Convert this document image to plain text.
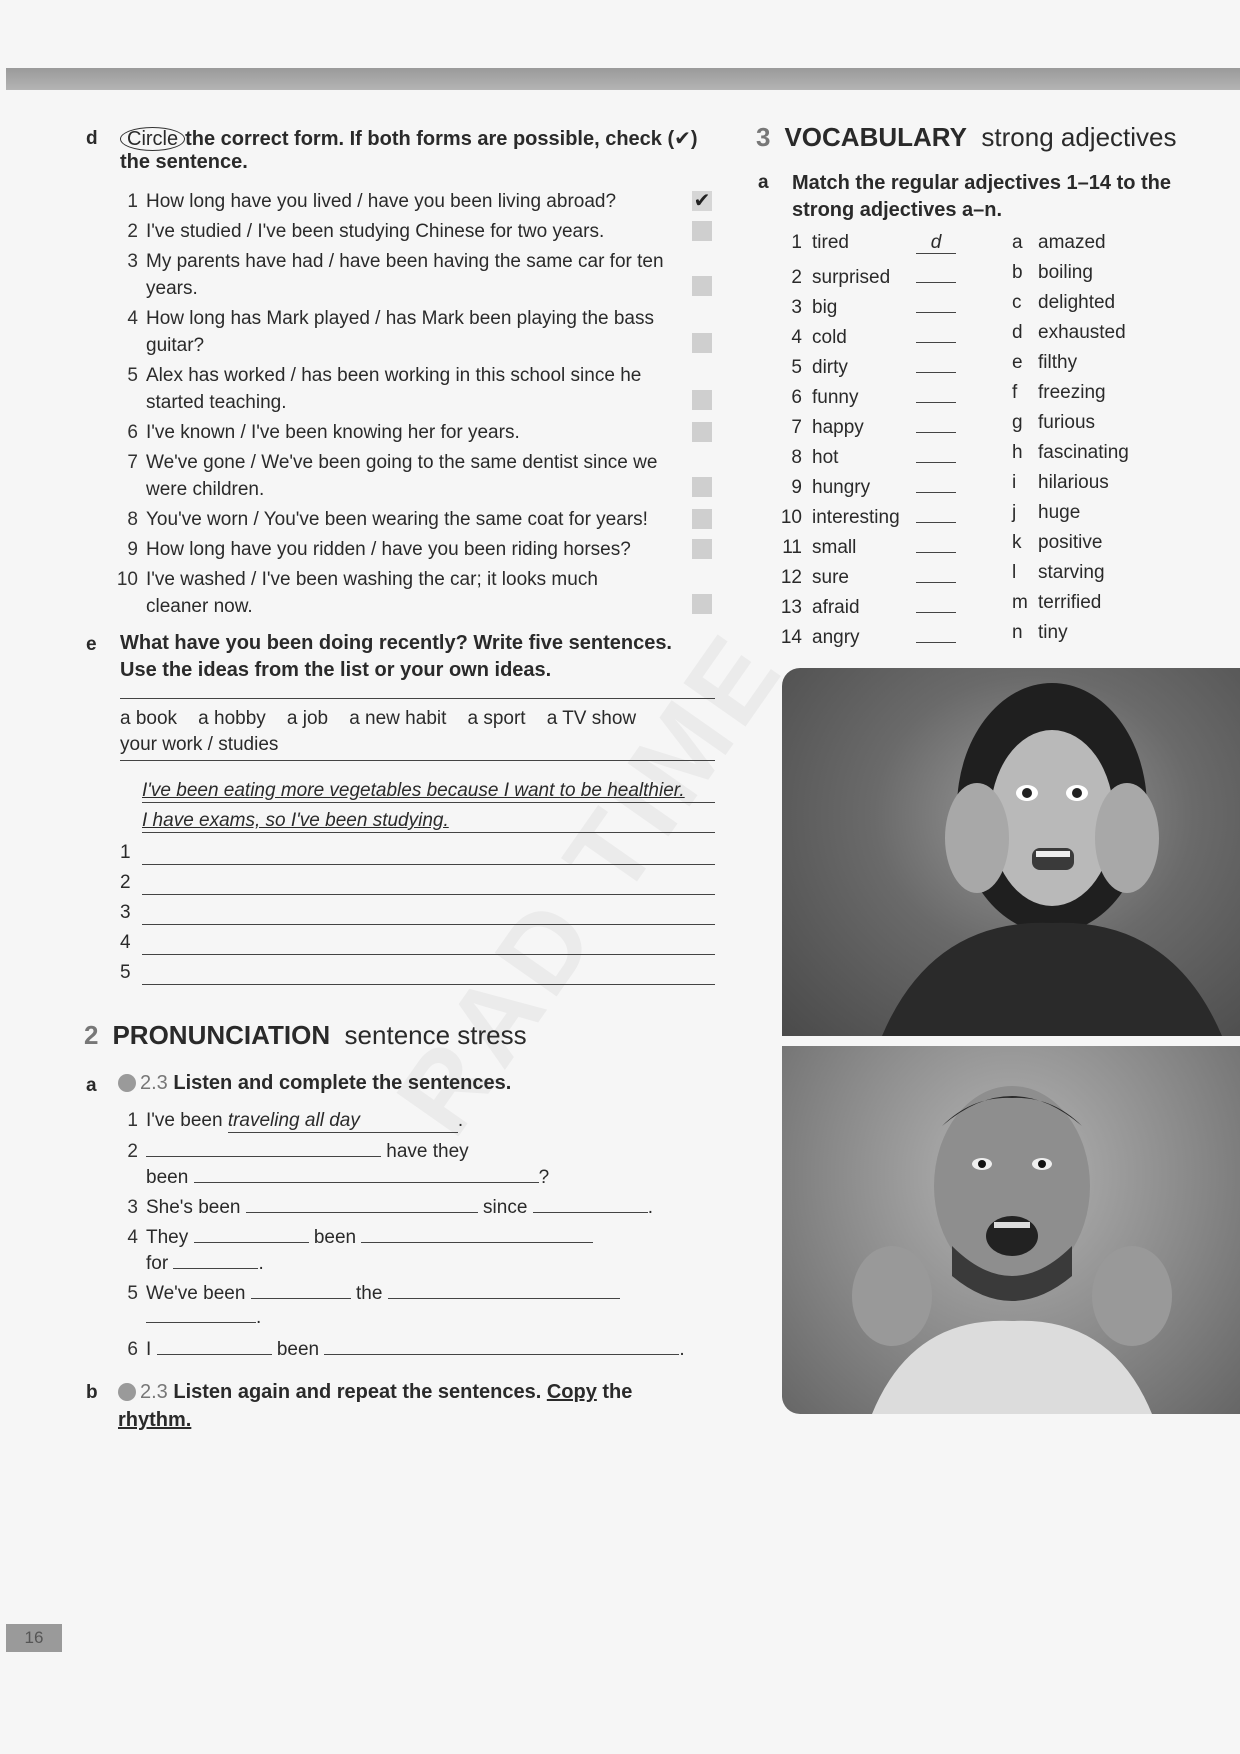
d	Circle the correct form. If both forms are possible, check (✔)
the sentence.
1 How long have you lived / have you been living abroad?	✔
2 I've studied / I've been studying Chinese for two years.
3 My parents have had / have been having the same car for ten
years.
4 How long has Mark played / has Mark been playing the bass
guitar?
5 Alex has worked / has been working in this school since he
started teaching.
6 I've known / I've been knowing her for years.
7 We've gone / We've been going to the same dentist since we
were children.
8 You've worn / You've been wearing the same coat for years!
9 How long have you ridden / have you been riding horses?
10 I've washed / I've been washing the car; it looks much
cleaner now.
e What have you been doing recently? Write five sentences.
Use the ideas from the list or your own ideas.
a book    a hobby    a job    a new habit    a sport    a TV show
your work / studies
I've been eating more vegetables because I want to be healthier.
I have exams, so I've been studying.
1
2
3
4
5
2 PRONUNCIATION sentence stress
a	2.3 Listen and complete the sentences.
1 I've been traveling all day	.
2	have they
been	?
3 She's been	since	.
4 They	been
for	.
5 We've been	the
.
6 I	been	.
b	2.3 Listen again and repeat the sentences. Copy the
rhythm.
3 VOCABULARY strong adjectives
a Match the regular adjectives 1–14 to the
strong adjectives a–n.
1 tired	d	a amazed
2 surprised	b boiling
3 big	c delighted
4 cold	d exhausted
5 dirty	e filthy
6 funny	f freezing
7 happy	g furious
8 hot	h fascinating
9 hungry	i hilarious
10 interesting	j huge
11 small	k positive
12 sure	l starving
13 afraid	m terrified
14 angry	n tiny
16
